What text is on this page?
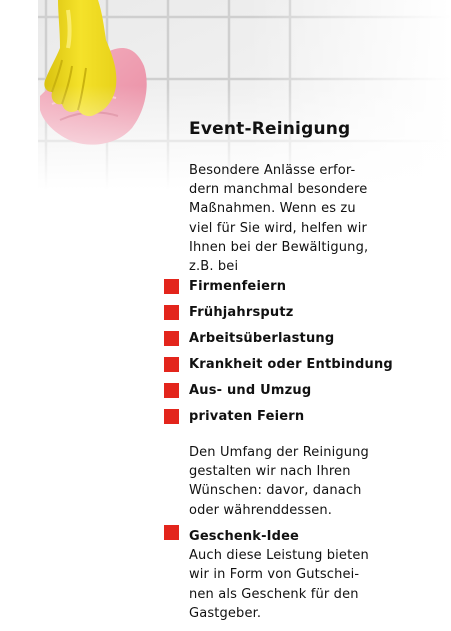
Event-Reinigung
Besondere Anlässe erfor-
dern manchmal besondere
Maßnahmen. Wenn es zu
viel für Sie wird, helfen wir
Ihnen bei der Bewältigung,
z.B. bei
Firmenfeiern
Frühjahrsputz
Arbeitsüberlastung
Krankheit oder Entbindung
Aus- und Umzug
privaten Feiern
Den Umfang der Reinigung
gestalten wir nach Ihren
Wünschen: davor, danach
oder währenddessen.
Geschenk-Idee
Auch diese Leistung bieten
wir in Form von Gutschei-
nen als Geschenk für den
Gastgeber.
